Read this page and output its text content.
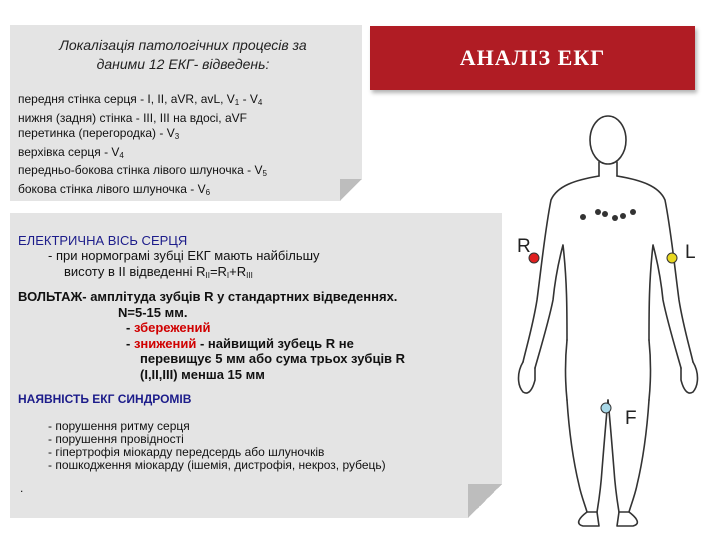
Локалізація патологічних процесів за
даними 12 ЕКГ- відведень:
передня стінка серця - I, II, aVR, avL, $V_1 - V_4$
нижня (задня) стінка - III, III на вдосі, aVF
перетинка (перегородка) - $V_3$
верхівка серця - $V_4$
передньо-бокова стінка лівого шлуночка - $V_5$
бокова стінка лівого шлуночка - $V_6$
АНАЛІЗ ЕКГ
ЕЛЕКТРИЧНА ВІСЬ СЕРЦЯ
- при нормограмі зубці ЕКГ мають найбільшу
висоту в II відведенні $R_{II}=R_I+R_{III}$
ВОЛЬТАЖ- амплітуда зубців R у стандартних відведеннях.
N=5-15 мм.
- збережений
- знижений - найвищий зубець R не
перевищує 5 мм або сума трьох зубців R
(I,II,III) менша 15 мм
НАЯВНІСТЬ ЕКГ СИНДРОМІВ
- порушення ритму серця
- порушення провідності
- гіпертрофія міокарду передсердь або шлуночків
- пошкодження міокарду (ішемія, дистрофія, некроз, рубець)
.
R	L
F
